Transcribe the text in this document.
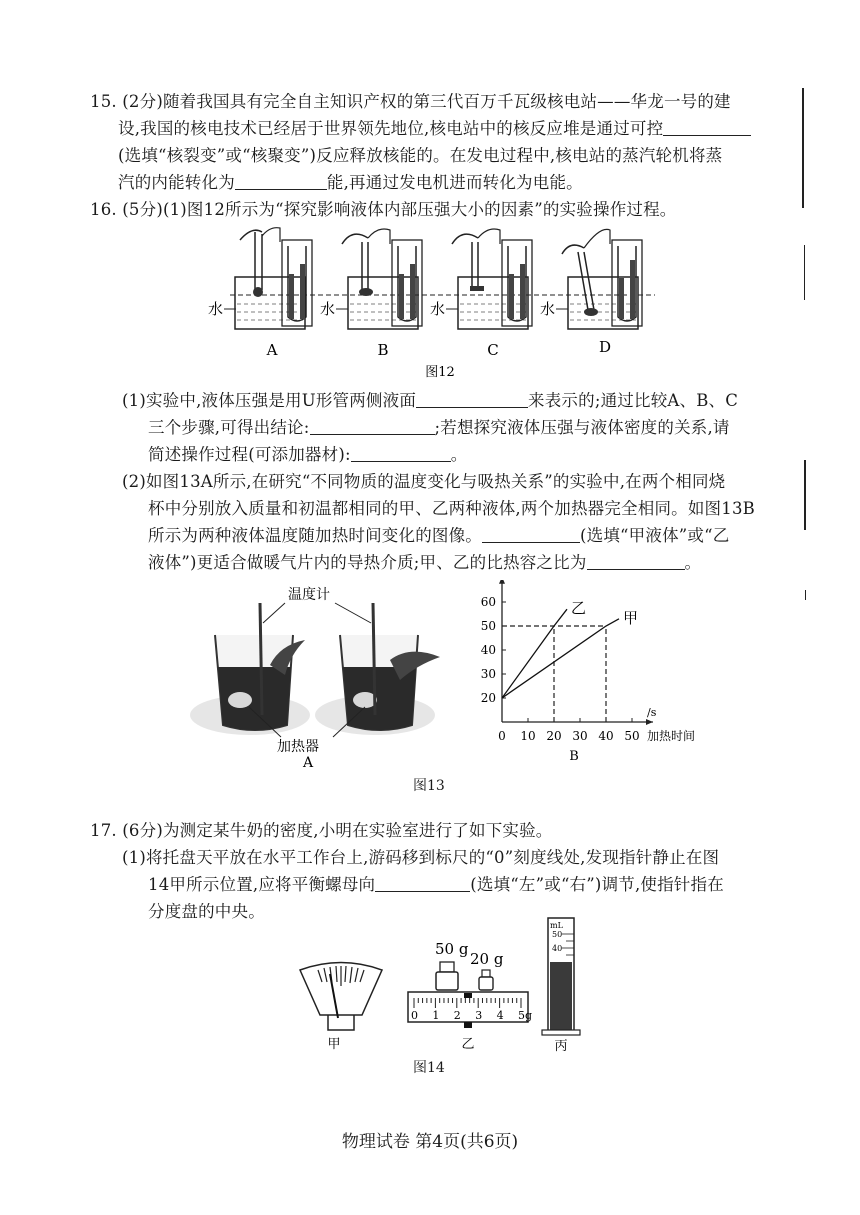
15. (2分)随着我国具有完全自主知识产权的第三代百万千瓦级核电站——华龙一号的建
设,我国的核电技术已经居于世界领先地位,核电站中的核反应堆是通过可控
(选填“核裂变”或“核聚变”)反应释放核能的。在发电过程中,核电站的蒸汽轮机将蒸
汽的内能转化为	能,再通过发电机进而转化为电能。
16. (5分)(1)图12所示为“探究影响液体内部压强大小的因素”的实验操作过程。
水	水	水	水
A	B	C	D
图12
(1)实验中,液体压强是用U形管两侧液面	来表示的;通过比较A、B、C
三个步骤,可得出结论:	;若想探究液体压强与液体密度的关系,请
简述操作过程(可添加器材):	。
(2)如图13A所示,在研究“不同物质的温度变化与吸热关系”的实验中,在两个相同烧
杯中分别放入质量和初温都相同的甲、乙两种液体,两个加热器完全相同。如图13B
所示为两种液体温度随加热时间变化的图像。	(选填“甲液体”或“乙
液体”)更适合做暖气片内的导热介质;甲、乙的比热容之比为	。
温度计
加热器
A
20
30
40
50
60
0 10 20 30 40 50
/s
加热时间
乙
甲
B
图13
17. (6分)为测定某牛奶的密度,小明在实验室进行了如下实验。
(1)将托盘天平放在水平工作台上,游码移到标尺的“0”刻度线处,发现指针静止在图
14甲所示位置,应将平衡螺母向	(选填“左”或“右”)调节,使指针指在
分度盘的中央。
甲
50 g
20 g
0 1 2 3 4 5g
乙
mL
50
40
丙
图14
物理试卷 第4页(共6页)
